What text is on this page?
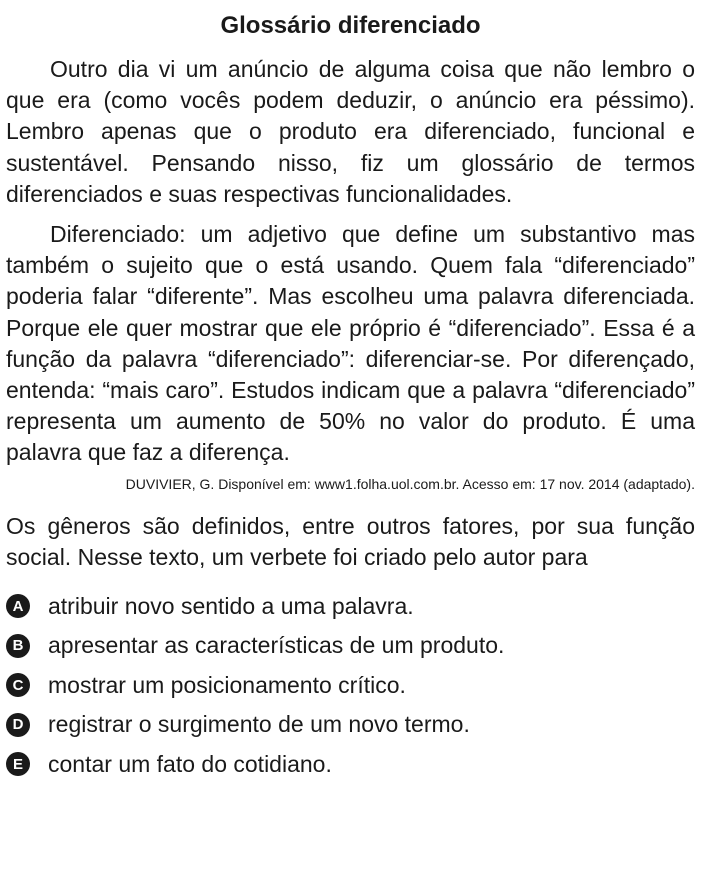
Glossário diferenciado

Outro dia vi um anúncio de alguma coisa que não lembro o que era (como vocês podem deduzir, o anúncio era péssimo). Lembro apenas que o produto era diferenciado, funcional e sustentável. Pensando nisso, fiz um glossário de termos diferenciados e suas respectivas funcionalidades.

Diferenciado: um adjetivo que define um substantivo mas também o sujeito que o está usando. Quem fala “diferenciado” poderia falar “diferente”. Mas escolheu uma palavra diferenciada. Porque ele quer mostrar que ele próprio é “diferenciado”. Essa é a função da palavra “diferenciado”: diferenciar-se. Por diferençado, entenda: “mais caro”. Estudos indicam que a palavra “diferenciado” representa um aumento de 50% no valor do produto. É uma palavra que faz a diferença.

DUVIVIER, G. Disponível em: www1.folha.uol.com.br. Acesso em: 17 nov. 2014 (adaptado).

Os gêneros são definidos, entre outros fatores, por sua função social. Nesse texto, um verbete foi criado pelo autor para

A atribuir novo sentido a uma palavra.
B apresentar as características de um produto.
C mostrar um posicionamento crítico.
D registrar o surgimento de um novo termo.
E	contar um fato do cotidiano.
